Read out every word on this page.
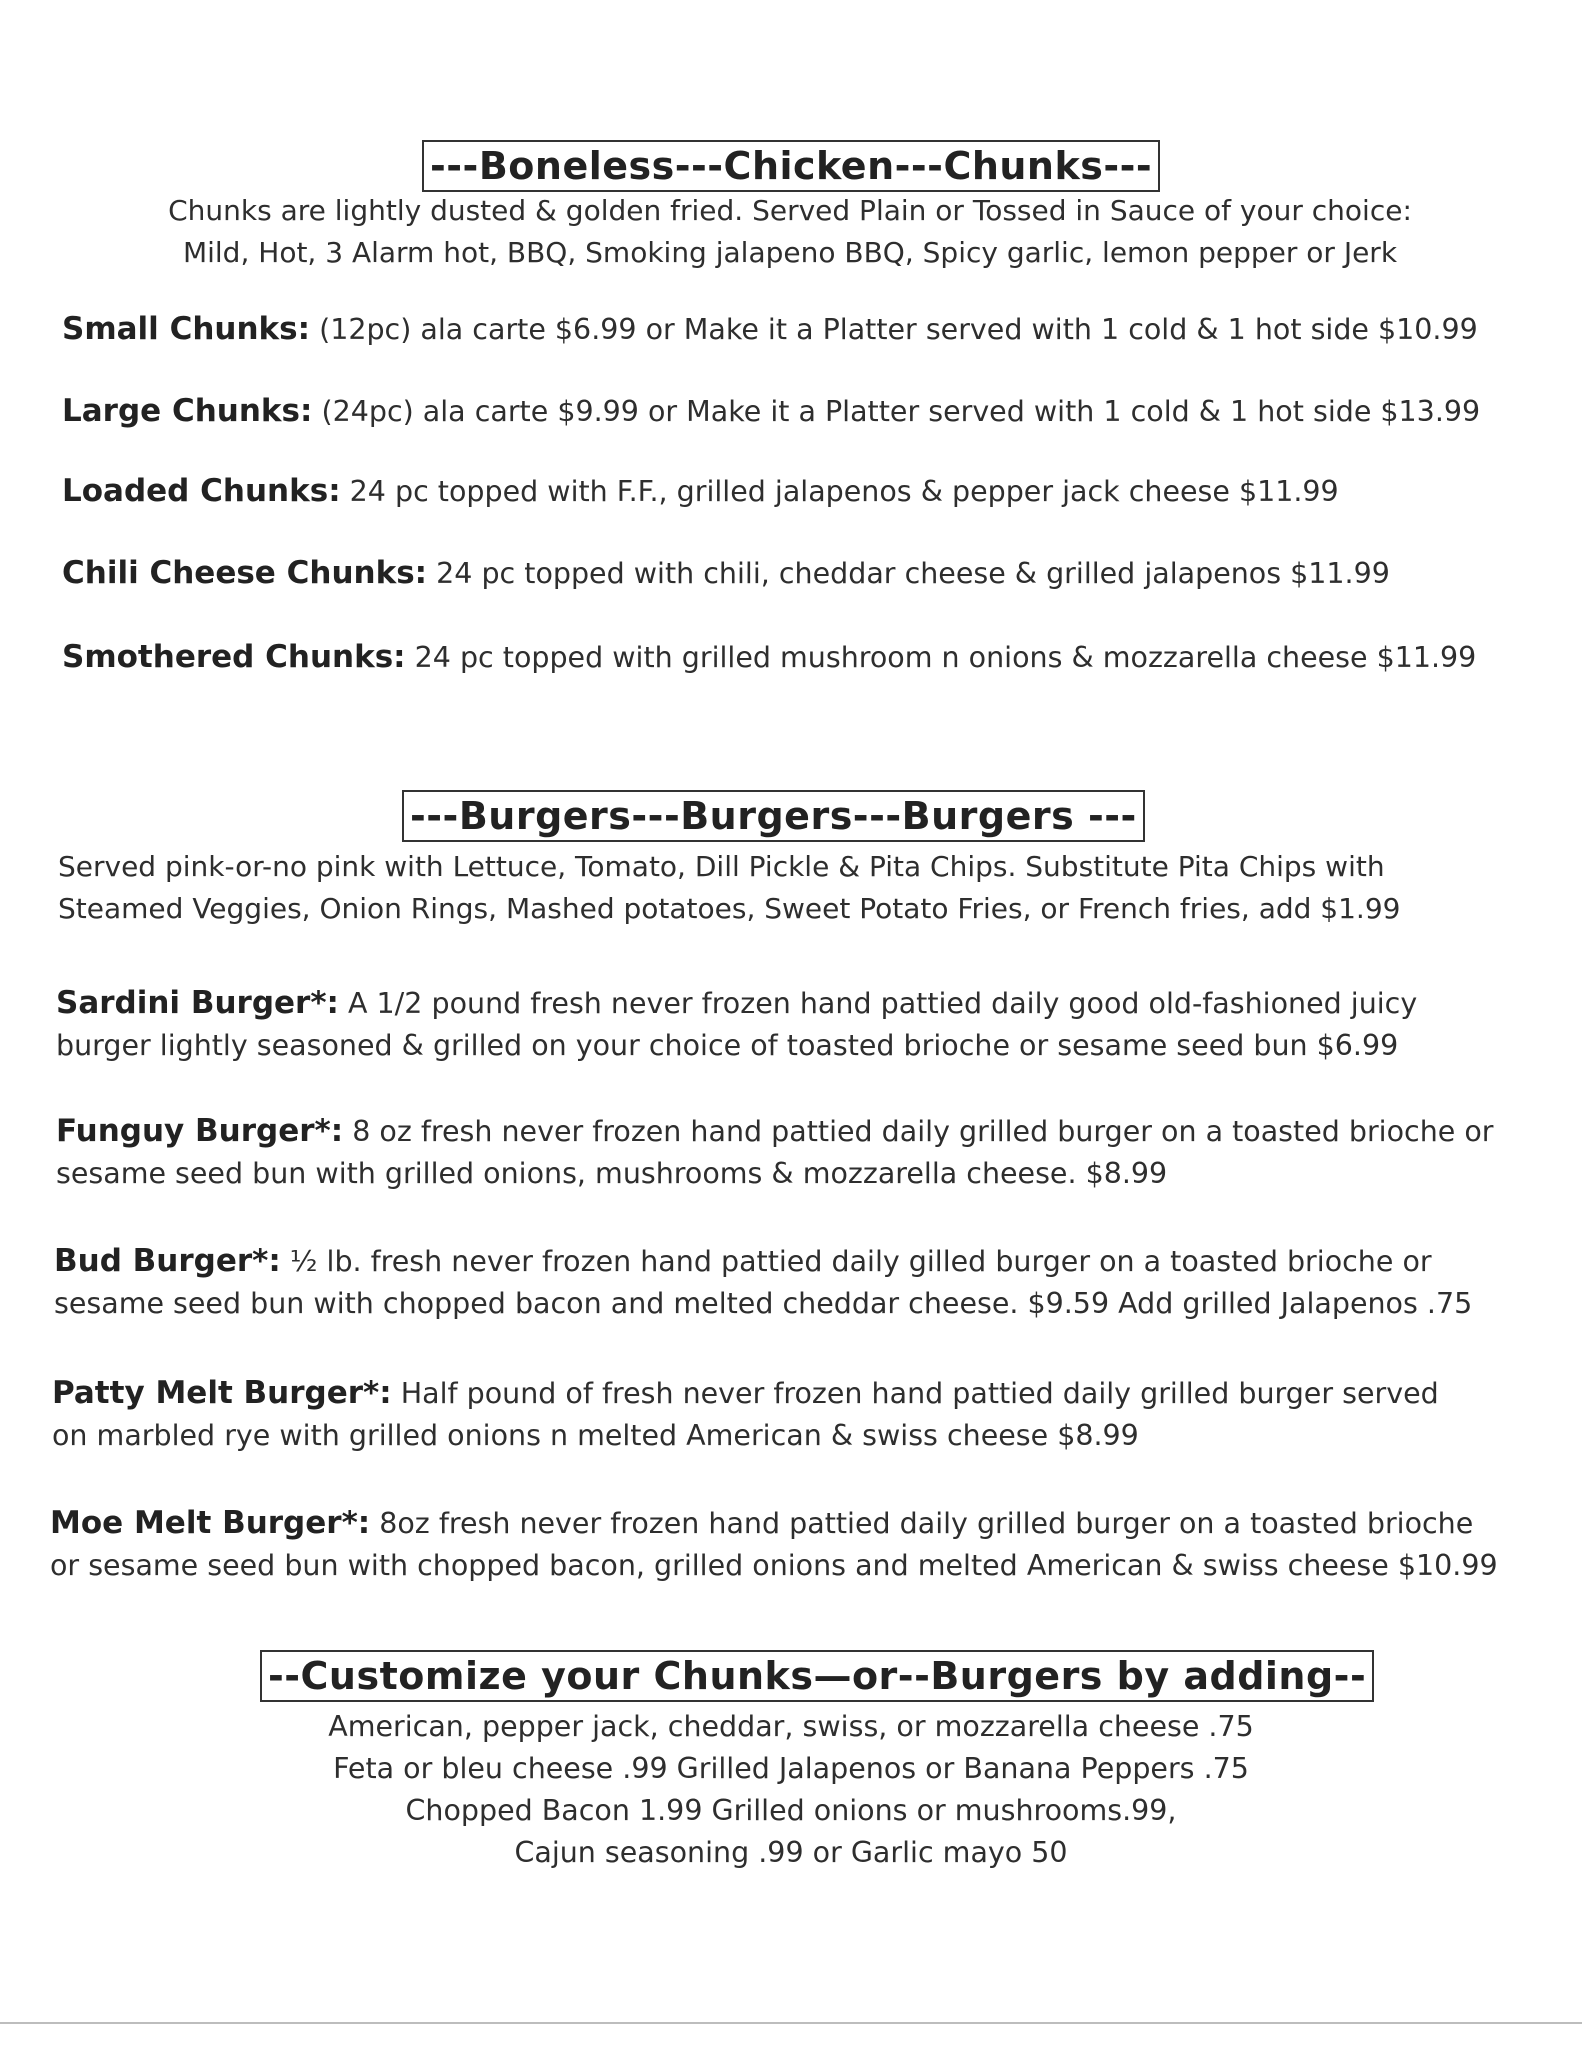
---Boneless---Chicken---Chunks---
Chunks are lightly dusted & golden fried. Served Plain or Tossed in Sauce of your choice:
Mild, Hot, 3 Alarm hot, BBQ, Smoking jalapeno BBQ, Spicy garlic, lemon pepper or Jerk
Small Chunks: (12pc) ala carte $6.99 or Make it a Platter served with 1 cold & 1 hot side $10.99
Large Chunks: (24pc) ala carte $9.99 or Make it a Platter served with 1 cold & 1 hot side $13.99
Loaded Chunks: 24 pc topped with F.F., grilled jalapenos & pepper jack cheese $11.99
Chili Cheese Chunks: 24 pc topped with chili, cheddar cheese & grilled jalapenos $11.99
Smothered Chunks: 24 pc topped with grilled mushroom n onions & mozzarella cheese $11.99
---Burgers---Burgers---Burgers ---
Served pink-or-no pink with Lettuce, Tomato, Dill Pickle & Pita Chips. Substitute Pita Chips with
Steamed Veggies, Onion Rings, Mashed potatoes, Sweet Potato Fries, or French fries, add $1.99
Sardini Burger*: A 1/2 pound fresh never frozen hand pattied daily good old-fashioned juicy
burger lightly seasoned & grilled on your choice of toasted brioche or sesame seed bun $6.99
Funguy Burger*: 8 oz fresh never frozen hand pattied daily grilled burger on a toasted brioche or
sesame seed bun with grilled onions, mushrooms & mozzarella cheese. $8.99
Bud Burger*: ½ lb. fresh never frozen hand pattied daily gilled burger on a toasted brioche or
sesame seed bun with chopped bacon and melted cheddar cheese. $9.59 Add grilled Jalapenos .75
Patty Melt Burger*: Half pound of fresh never frozen hand pattied daily grilled burger served
on marbled rye with grilled onions n melted American & swiss cheese $8.99
Moe Melt Burger*: 8oz fresh never frozen hand pattied daily grilled burger on a toasted brioche
or sesame seed bun with chopped bacon, grilled onions and melted American & swiss cheese $10.99
--Customize your Chunks—or--Burgers by adding--
American, pepper jack, cheddar, swiss, or mozzarella cheese .75
Feta or bleu cheese .99 Grilled Jalapenos or Banana Peppers .75
Chopped Bacon 1.99 Grilled onions or mushrooms.99,
Cajun seasoning .99 or Garlic mayo 50
